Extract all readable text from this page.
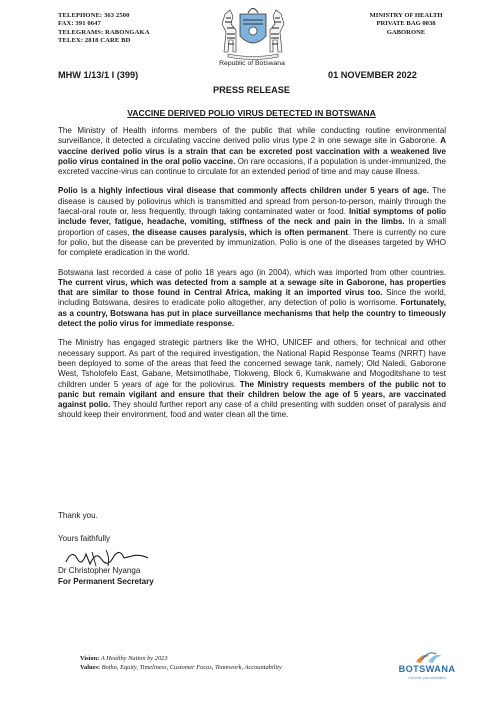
TELEPHONE: 363 2500
FAX: 391 0647
TELEGRAMS: RABONGAKA
TELEX: 2818 CARE BD
MINISTRY OF HEALTH
PRIVATE BAG 0038
GABORONE
Republic of Botswana
MHW 1/13/1 I (399)	01 NOVEMBER 2022
PRESS RELEASE
VACCINE DERIVED POLIO VIRUS DETECTED IN BOTSWANA

The Ministry of Health informs members of the public that while conducting routine environmental surveillance, it detected a circulating vaccine derived polio virus type 2 in one sewage site in Gaborone. A vaccine derived polio virus is a strain that can be excreted post vaccination with a weakened live polio virus contained in the oral polio vaccine. On rare occasions, if a population is under-immunized, the excreted vaccine-virus can continue to circulate for an extended period of time and may cause illness.

Polio is a highly infectious viral disease that commonly affects children under 5 years of age. The disease is caused by poliovirus which is transmitted and spread from person-to-person, mainly through the faecal-oral route or, less frequently, through taking contaminated water or food. Initial symptoms of polio include fever, fatigue, headache, vomiting, stiffness of the neck and pain in the limbs. In a small proportion of cases, the disease causes paralysis, which is often permanent. There is currently no cure for polio, but the disease can be prevented by immunization. Polio is one of the diseases targeted by WHO for complete eradication in the world.

Botswana last recorded a case of polio 18 years ago (in 2004), which was imported from other countries. The current virus, which was detected from a sample at a sewage site in Gaborone, has properties that are similar to those found in Central Africa, making it an imported virus too. Since the world, including Botswana, desires to eradicate polio altogether, any detection of polio is worrisome. Fortunately, as a country, Botswana has put in place surveillance mechanisms that help the country to timeously detect the polio virus for immediate response.

The Ministry has engaged strategic partners like the WHO, UNICEF and others, for technical and other necessary support. As part of the required investigation, the National Rapid Response Teams (NRRT) have been deployed to some of the areas that feed the concerned sewage tank, namely; Old Naledi, Gaborone West, Tsholofelo East, Gabane, Metsimotlhabe, Tlokweng, Block 6, Kumakwane and Mogoditshane to test children under 5 years of age for the poliovirus. The Ministry requests members of the public not to panic but remain vigilant and ensure that their children below the age of 5 years, are vaccinated against polio. They should further report any case of a child presenting with sudden onset of paralysis and should keep their environment, food and water clean all the time.

Thank you.
Yours faithfully
Dr Christopher Nyanga
For Permanent Secretary
Vision: A Healthy Nation by 2023
Values: Botho, Equity, Timeliness, Customer Focus, Teamwork, Accountability	BOTSWANA
Our pride, your destination
